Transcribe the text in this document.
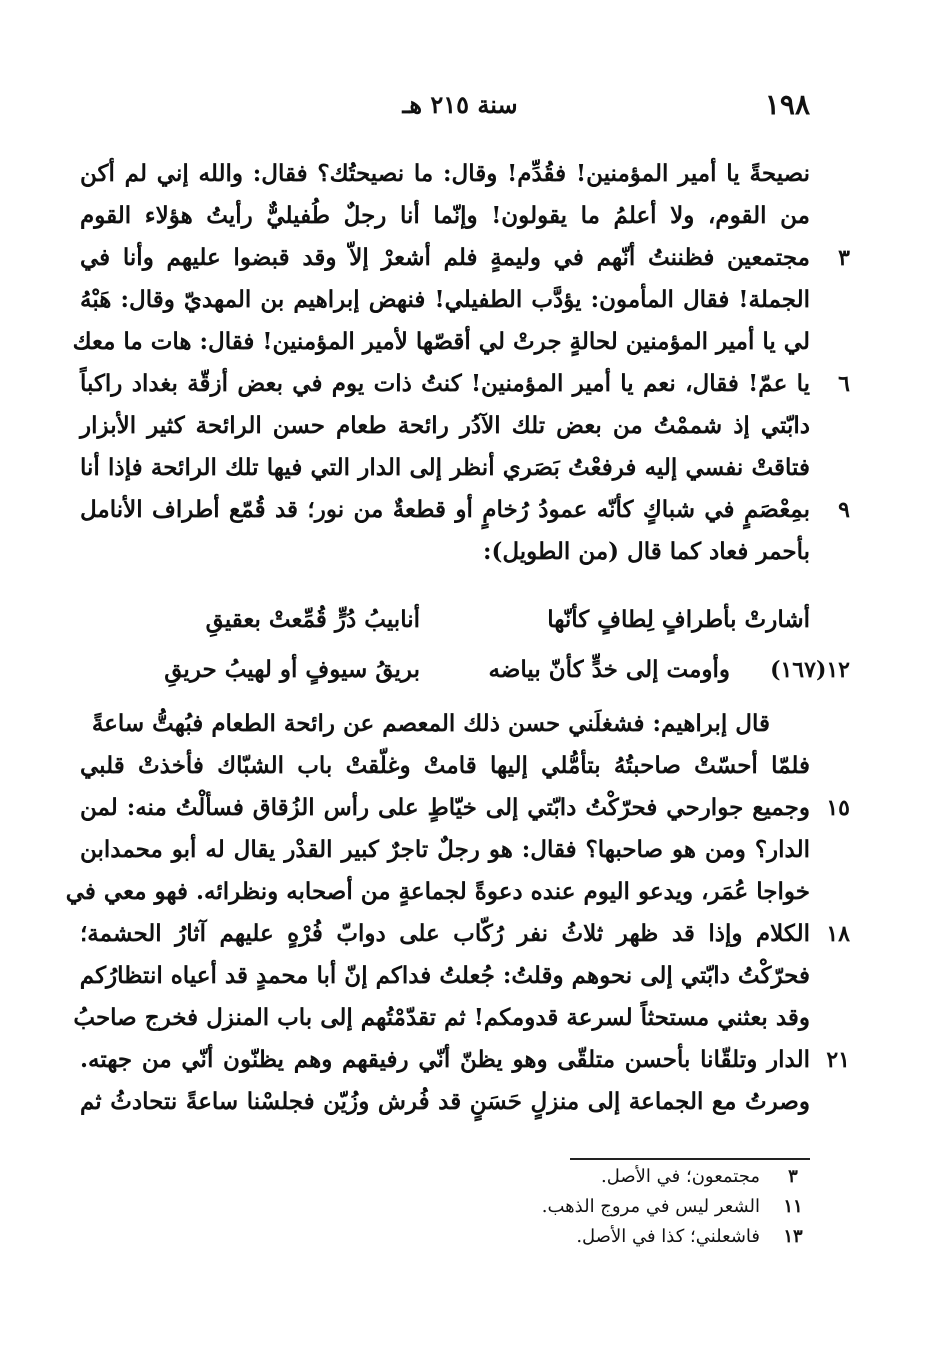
١٩٨
سنة ٢١٥ هـ
نصيحةً يا أمير المؤمنين! فقُدِّم! وقال: ما نصيحتُك؟ فقال: والله إني لم أكن
من القوم، ولا أعلمُ ما يقولون! وإنّما أنا رجلٌ طُفيليٌّ رأيتُ هؤلاء القوم
٣
مجتمعين فظننتُ أنّهم في وليمةٍ فلم أشعرْ إلاّ وقد قبضوا عليهم وأنا في
الجملة! فقال المأمون: يؤدَّب الطفيلي! فنهض إبراهيم بن المهديّ وقال: هَبْهُ
لي يا أمير المؤمنين لحالةٍ جرتْ لي أقصّها لأمير المؤمنين! فقال: هات ما معك
٦
يا عمّ! فقال، نعم يا أمير المؤمنين! كنتُ ذات يوم في بعض أزقّة بغداد راكباً
دابّتي إذ شممْتُ من بعض تلك الآدُر رائحة طعام حسن الرائحة كثير الأبزار
فتاقتْ نفسي إليه فرفعْتُ بَصَري أنظر إلى الدار التي فيها تلك الرائحة فإذا أنا
٩
بمِعْصَمٍ في شباكٍ كأنّه عمودُ رُخامٍ أو قطعةٌ من نور؛ قد قُمّع أطراف الأنامل
بأحمر فعاد كما قال (من الطويل):
أشارتْ بأطرافٍ لِطافٍ كأنّها
أنابيبُ دُرٍّ قُمِّعتْ بعقيقِ
١٢(١٦٧)
وأومت إلى خدٍّ كأنّ بياضه
بريقُ سيوفٍ أو لهيبُ حريقِ
قال إبراهيم: فشغلَني حسن ذلك المعصم عن رائحة الطعام فبُهتُّ ساعةً
فلمّا أحسّتْ صاحبتُهُ بتأمُّلي إليها قامتْ وغلّقتْ باب الشبّاك فأخذتْ قلبي
١٥
وجميع جوارحي فحرّكْتُ دابّتي إلى خيّاطٍ على رأس الزُقاق فسألْتُ منه: لمن
الدار؟ ومن هو صاحبها؟ فقال: هو رجلٌ تاجرٌ كبير القدْر يقال له أبو محمدابن
خواجا عُمَر، ويدعو اليوم عنده دعوةً لجماعةٍ من أصحابه ونظرائه. فهو معي في
١٨
الكلام وإذا قد ظهر ثلاثُ نفر رُكّاب على دوابّ فُرْهٍ عليهم آثارُ الحشمة؛
فحرّكْتُ دابّتي إلى نحوهم وقلتُ: جُعلتُ فداكم إنّ أبا محمدٍ قد أعياه انتظارُكم
وقد بعثني مستحثاً لسرعة قدومكم! ثم تقدّمْتُهم إلى باب المنزل فخرج صاحبُ
٢١
الدار وتلقّانا بأحسن متلقّى وهو يظنّ أنّي رفيقهم وهم يظنّون أنّي من جهته.
وصرتُ مع الجماعة إلى منزلٍ حَسَنٍ قد فُرش وزُيّن فجلسْنا ساعةً نتحادثُ ثم
٣
مجتمعون؛ في الأصل.
١١
الشعر ليس في مروج الذهب.
١٣
فاشعلني؛ كذا في الأصل.
